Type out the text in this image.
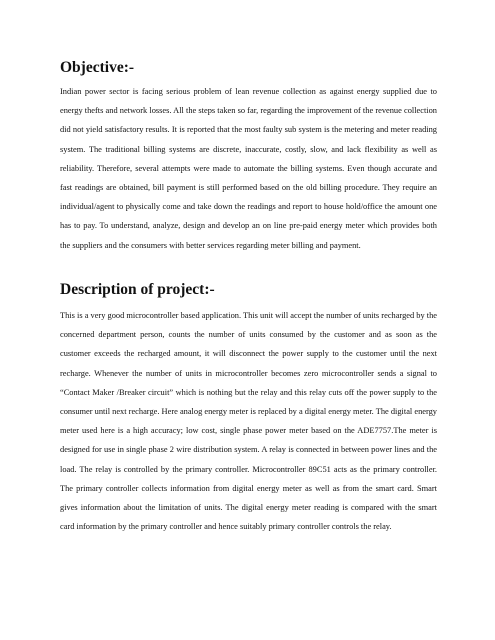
Objective:-

Indian power sector is facing serious problem of lean revenue collection as against energy supplied due to energy thefts and network losses. All the steps taken so far, regarding the improvement of the revenue collection did not yield satisfactory results. It is reported that the most faulty sub system is the metering and meter reading system. The traditional billing systems are discrete, inaccurate, costly, slow, and lack flexibility as well as reliability. Therefore, several attempts were made to automate the billing systems. Even though accurate and fast readings are obtained, bill payment is still performed based on the old billing procedure. They require an individual/agent to physically come and take down the readings and report to house hold/office the amount one has to pay. To understand, analyze, design and develop an on line pre-paid energy meter which provides both the suppliers and the consumers with better services regarding meter billing and payment.

Description of project:-

This is a very good microcontroller based application. This unit will accept the number of units recharged by the concerned department person, counts the number of units consumed by the customer and as soon as the customer exceeds the recharged amount, it will disconnect the power supply to the customer until the next recharge. Whenever the number of units in microcontroller becomes zero microcontroller sends a signal to “Contact Maker /Breaker circuit” which is nothing but the relay and this relay cuts off the power supply to the consumer until next recharge. Here analog energy meter is replaced by a digital energy meter. The digital energy meter used here is a high accuracy; low cost, single phase power meter based on the ADE7757.The meter is designed for use in single phase 2 wire distribution system. A relay is connected in between power lines and the load. The relay is controlled by the primary controller. Microcontroller 89C51 acts as the primary controller. The primary controller collects information from digital energy meter as well as from the smart card. Smart gives information about the limitation of units. The digital energy meter reading is compared with the smart card information by the primary controller and hence suitably primary controller controls the relay.
